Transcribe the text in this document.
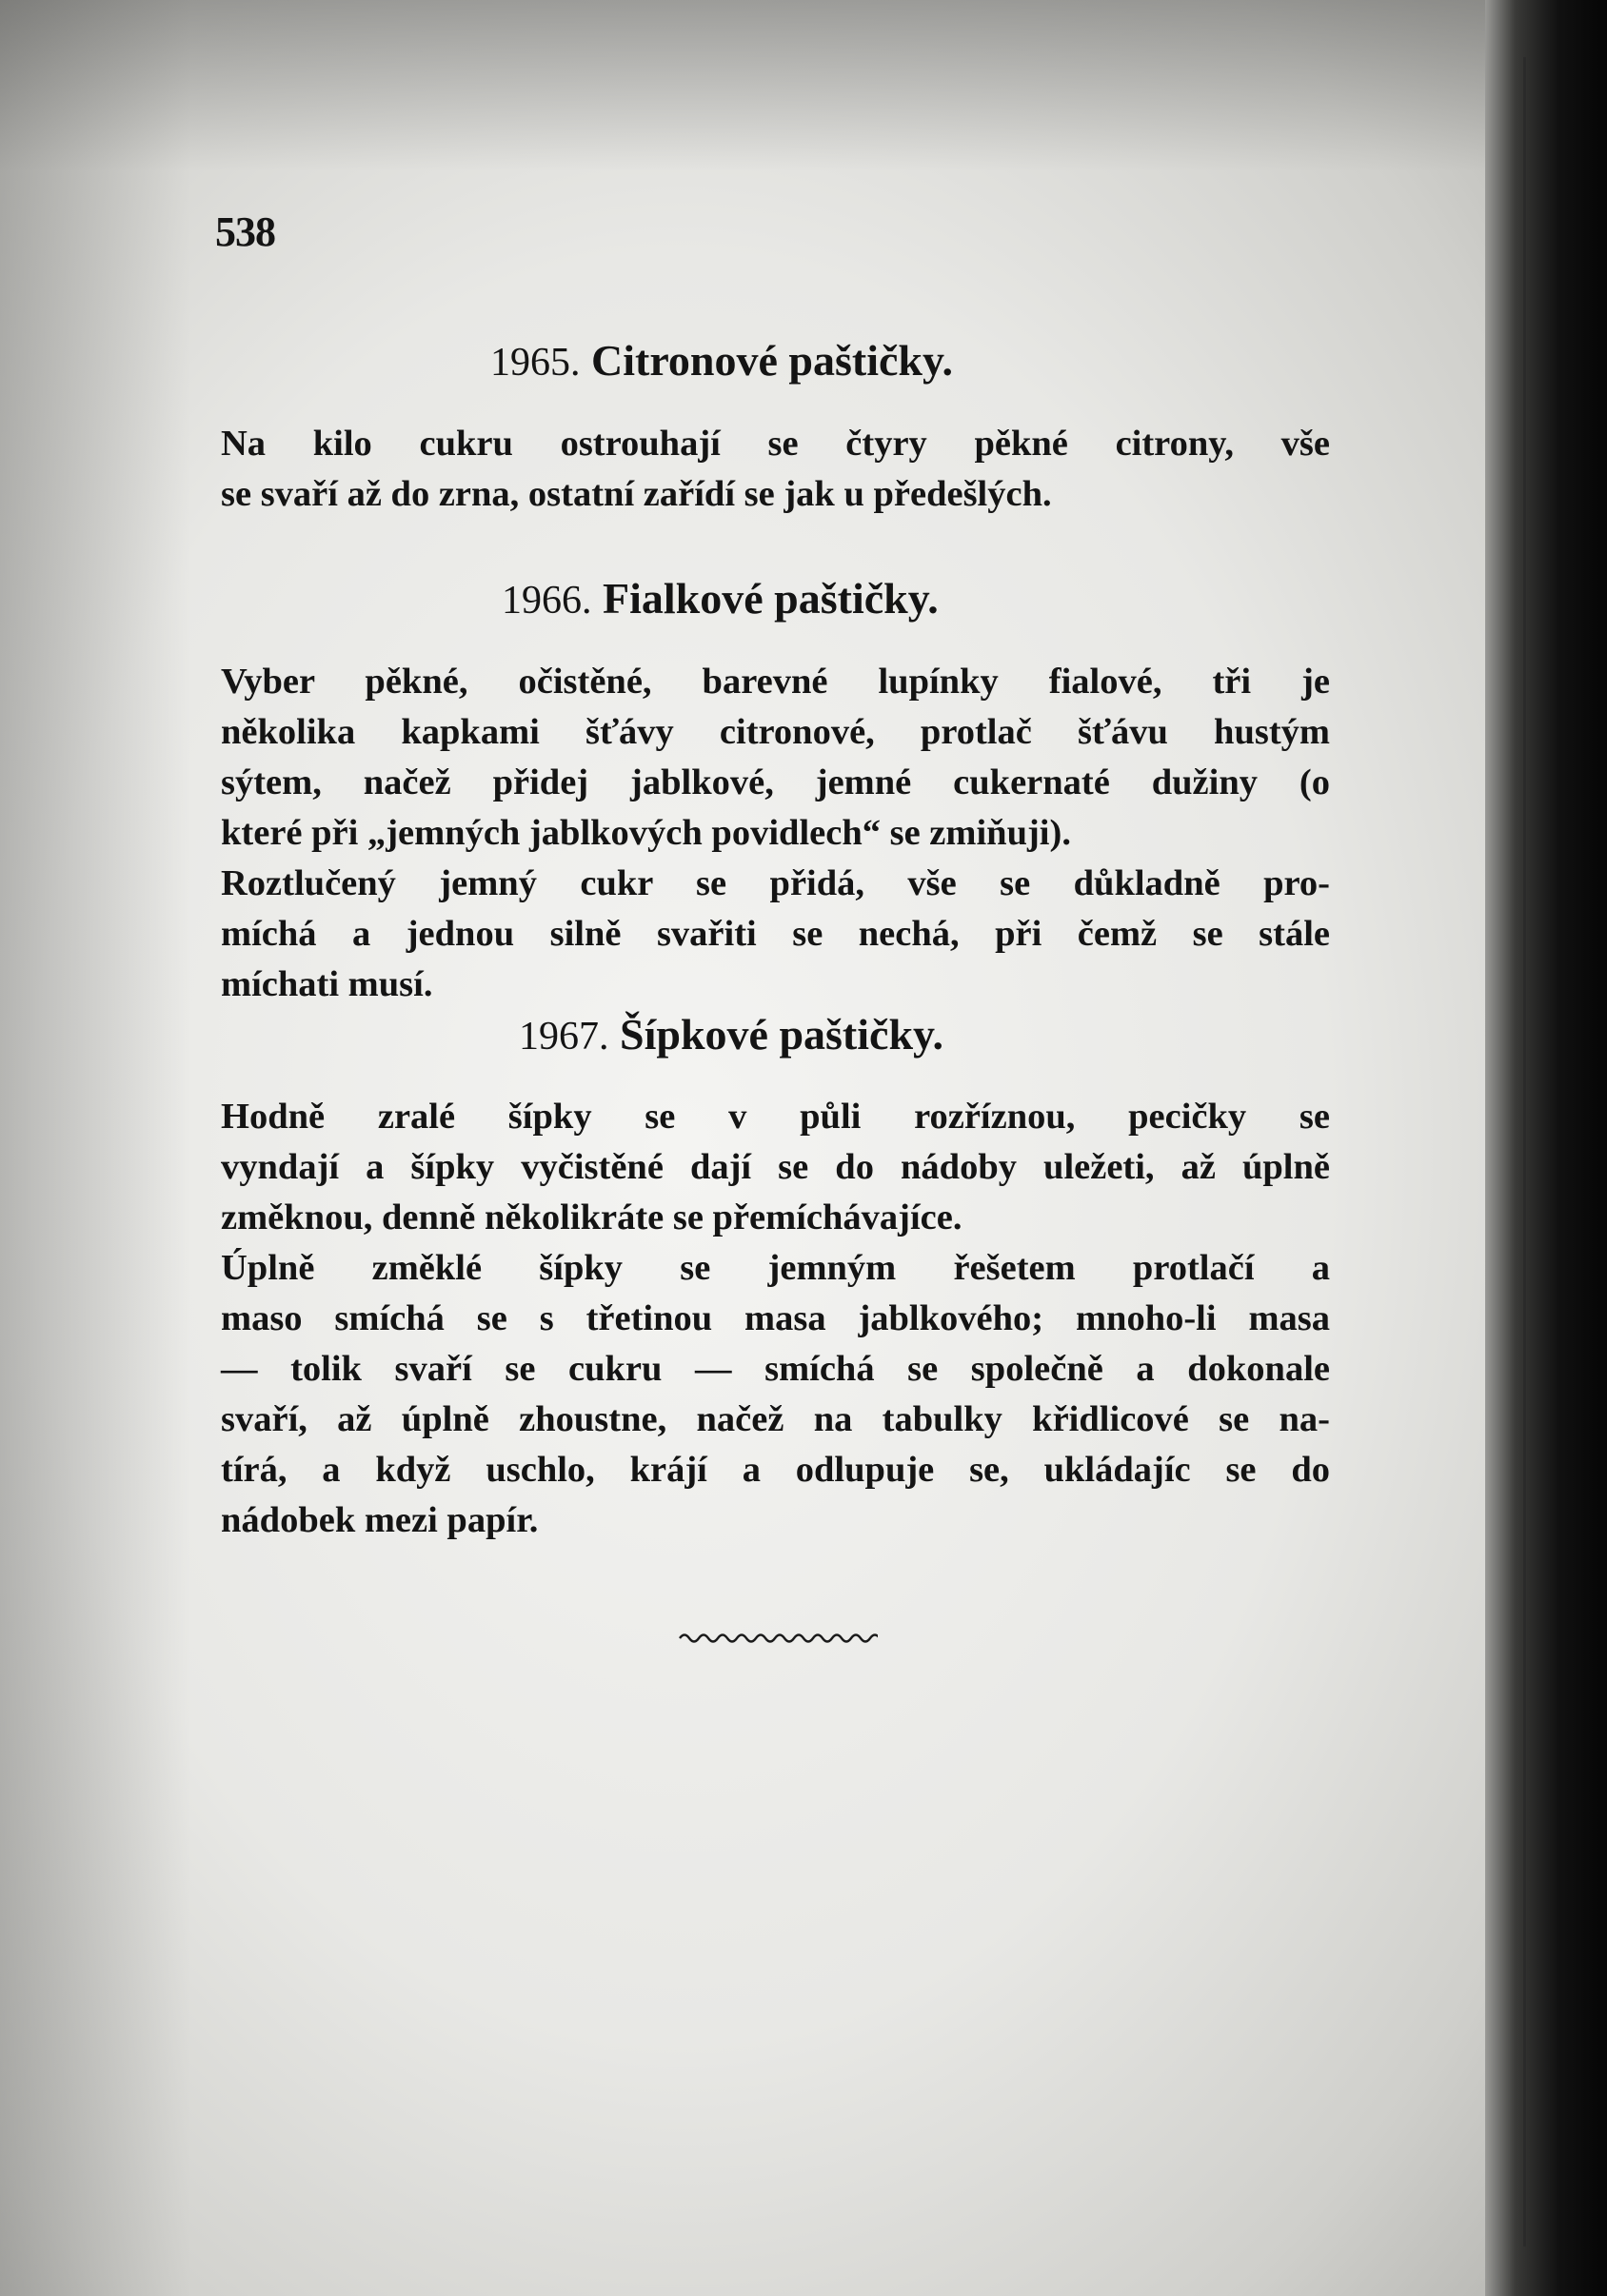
538
1965. Citronové paštičky.
Na kilo cukru ostrouhají se čtyry pěkné citrony, vše
se svaří až do zrna, ostatní zařídí se jak u předešlých.
1966. Fialkové paštičky.
Vyber pěkné, očistěné, barevné lupínky fialové, tři je
několika kapkami šťávy citronové, protlač šťávu hustým
sýtem, načež přidej jablkové, jemné cukernaté dužiny (o
které při „jemných jablkových povidlech“ se zmiňuji).
Roztlučený jemný cukr se přidá, vše se důkladně pro-
míchá a jednou silně svařiti se nechá, při čemž se stále
míchati musí.
1967. Šípkové paštičky.
Hodně zralé šípky se v půli rozříznou, pecičky se
vyndají a šípky vyčistěné dají se do nádoby uležeti, až úplně
změknou, denně několikráte se přemíchávajíce.
Úplně změklé šípky se jemným řešetem protlačí a
maso smíchá se s třetinou masa jablkového; mnoho-li masa
— tolik svaří se cukru — smíchá se společně a dokonale
svaří, až úplně zhoustne, načež na tabulky křidlicové se na-
tírá, a když uschlo, krájí a odlupuje se, ukládajíc se do
nádobek mezi papír.
